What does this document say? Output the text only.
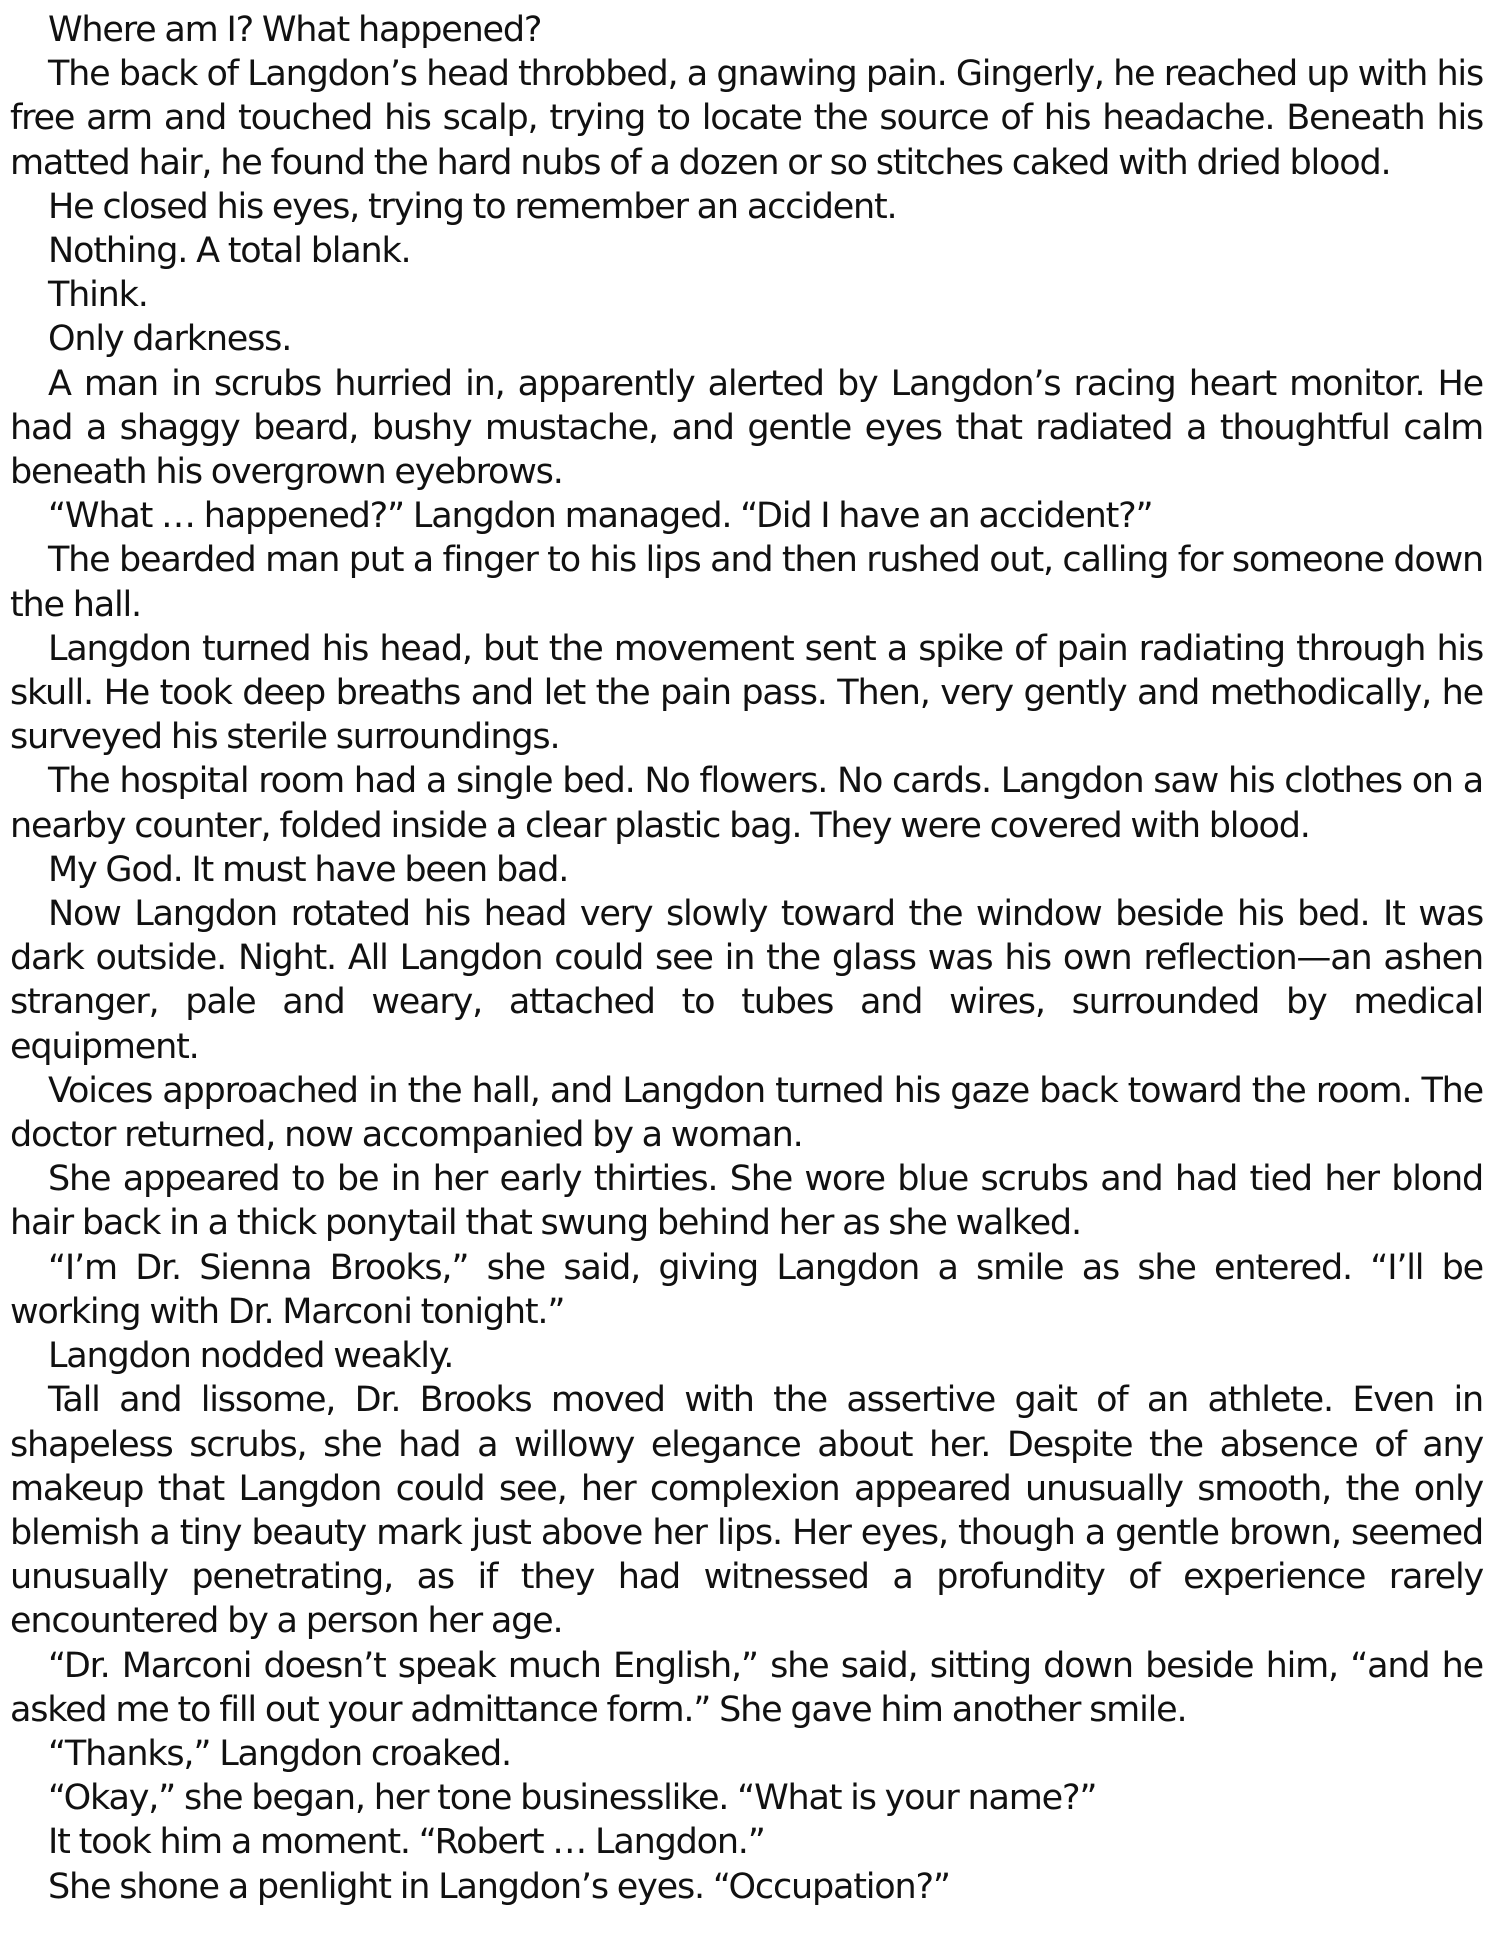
Where am I? What happened?

The back of Langdon’s head throbbed, a gnawing pain. Gingerly, he reached up with his free arm and touched his scalp, trying to locate the source of his headache. Beneath his matted hair, he found the hard nubs of a dozen or so stitches caked with dried blood.

He closed his eyes, trying to remember an accident.

Nothing. A total blank.

Think.

Only darkness.

A man in scrubs hurried in, apparently alerted by Langdon’s racing heart monitor. He had a shaggy beard, bushy mustache, and gentle eyes that radiated a thoughtful calm beneath his overgrown eyebrows.

“What … happened?” Langdon managed. “Did I have an accident?”

The bearded man put a finger to his lips and then rushed out, calling for someone down the hall.

Langdon turned his head, but the movement sent a spike of pain radiating through his skull. He took deep breaths and let the pain pass. Then, very gently and methodically, he surveyed his sterile surroundings.

The hospital room had a single bed. No flowers. No cards. Langdon saw his clothes on a nearby counter, folded inside a clear plastic bag. They were covered with blood.

My God. It must have been bad.

Now Langdon rotated his head very slowly toward the window beside his bed. It was dark outside. Night. All Langdon could see in the glass was his own reflection—an ashen stranger, pale and weary, attached to tubes and wires, surrounded by medical equipment.

Voices approached in the hall, and Langdon turned his gaze back toward the room. The doctor returned, now accompanied by a woman.

She appeared to be in her early thirties. She wore blue scrubs and had tied her blond hair back in a thick ponytail that swung behind her as she walked.

“I’m Dr. Sienna Brooks,” she said, giving Langdon a smile as she entered. “I’ll be working with Dr. Marconi tonight.”

Langdon nodded weakly.

Tall and lissome, Dr. Brooks moved with the assertive gait of an athlete. Even in shapeless scrubs, she had a willowy elegance about her. Despite the absence of any makeup that Langdon could see, her complexion appeared unusually smooth, the only blemish a tiny beauty mark just above her lips. Her eyes, though a gentle brown, seemed unusually penetrating, as if they had witnessed a profundity of experience rarely encountered by a person her age.

“Dr. Marconi doesn’t speak much English,” she said, sitting down beside him, “and he asked me to fill out your admittance form.” She gave him another smile.

“Thanks,” Langdon croaked.

“Okay,” she began, her tone businesslike. “What is your name?”

It took him a moment. “Robert … Langdon.”

She shone a penlight in Langdon’s eyes. “Occupation?”
